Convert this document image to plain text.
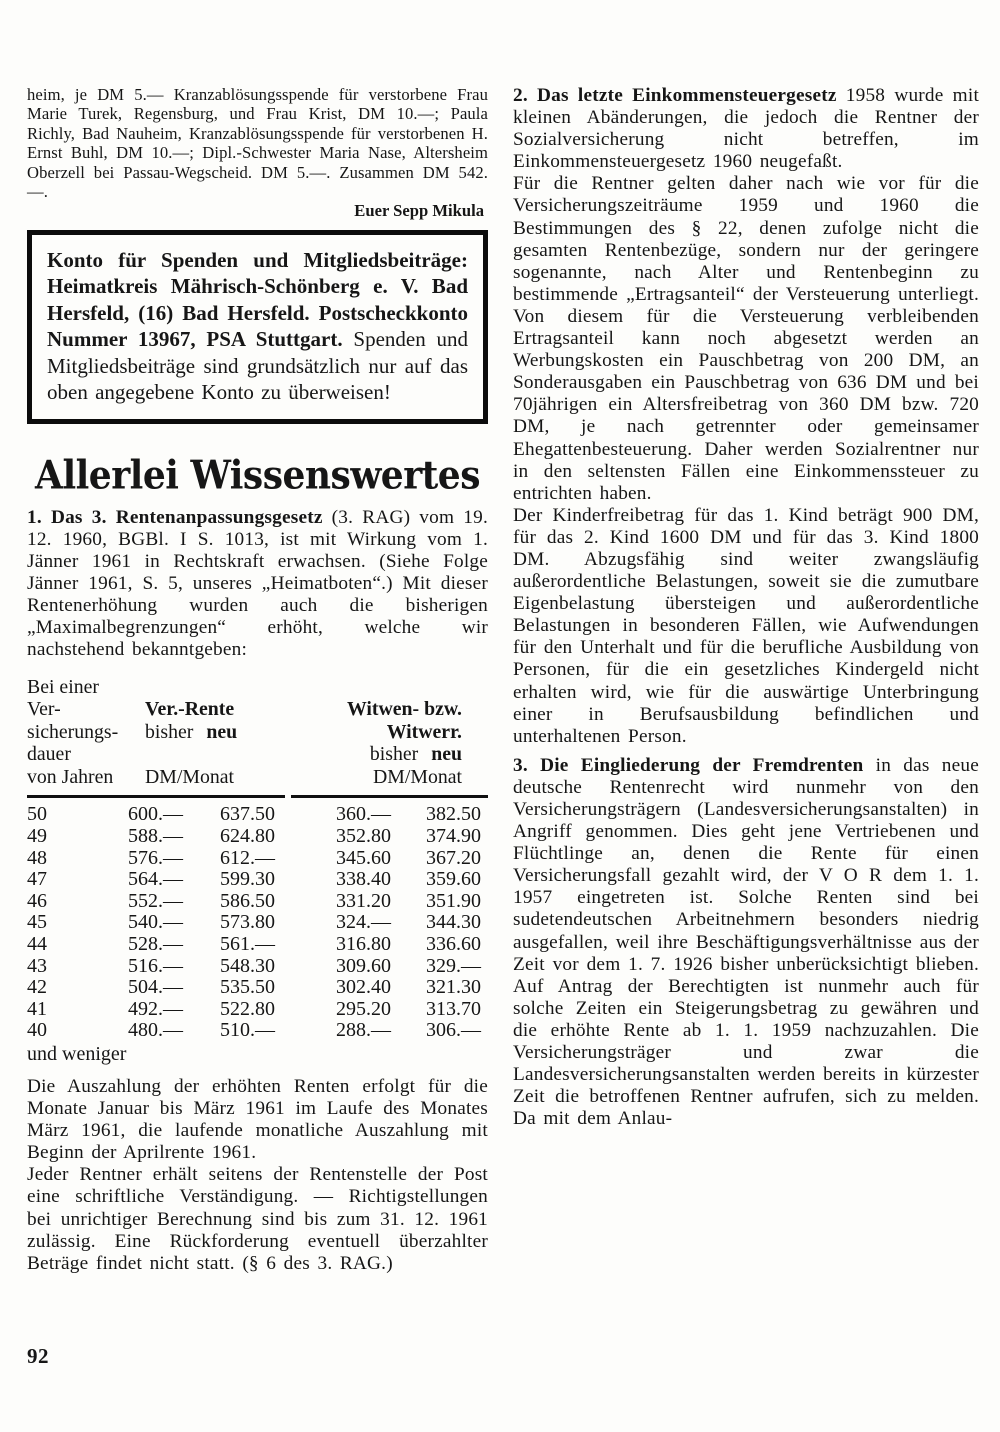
heim, je DM 5.— Kranzablösungsspende für verstorbene Frau Marie Turek, Regensburg, und Frau Krist, DM 10.—; Paula Richly, Bad Nauheim, Kranzablösungsspende für verstorbenen H. Ernst Buhl, DM 10.—; Dipl.-Schwester Maria Nase, Altersheim Oberzell bei Passau-Wegscheid. DM 5.—. Zusammen DM 542.—.

Euer Sepp Mikula

Konto für Spenden und Mitgliedsbeiträge: Heimatkreis Mährisch-Schönberg e. V. Bad Hersfeld, (16) Bad Hersfeld. Postscheckkonto Nummer 13967, PSA Stuttgart. Spenden und Mitgliedsbeiträge sind grundsätzlich nur auf das oben angegebene Konto zu überweisen!
Allerlei Wissenswertes

1. Das 3. Rentenanpassungsgesetz (3. RAG) vom 19. 12. 1960, BGBl. I S. 1013, ist mit Wirkung vom 1. Jänner 1961 in Rechtskraft erwachsen. (Siehe Folge Jänner 1961, S. 5, unseres „Heimatboten“.) Mit dieser Rentenerhöhung wurden auch die bisherigen „Maximalbegrenzungen“ erhöht, welche wir nachstehend bekanntgeben:

Bei einer
Ver-
sicherungs-
dauer
von Jahren
Ver.-Rente
bisher neu
DM/Monat
Witwen- bzw.
Witwerr.
bisher neu
DM/Monat
50	600.—	637.50	360.—	382.50	
49	588.—	624.80	352.80	374.90	
48	576.—	612.—	345.60	367.20	
47	564.—	599.30	338.40	359.60	
46	552.—	586.50	331.20	351.90	
45	540.—	573.80	324.—	344.30	
44	528.—	561.—	316.80	336.60	
43	516.—	548.30	309.60	329.—	
42	504.—	535.50	302.40	321.30	
41	492.—	522.80	295.20	313.70	
40	480.—	510.—	288.—	306.—	
und weniger

Die Auszahlung der erhöhten Renten erfolgt für die Monate Januar bis März 1961 im Laufe des Monates März 1961, die laufende monatliche Auszahlung mit Beginn der Aprilrente 1961.

Jeder Rentner erhält seitens der Rentenstelle der Post eine schriftliche Verständigung. — Richtigstellungen bei unrichtiger Berechnung sind bis zum 31. 12. 1961 zulässig. Eine Rückforderung eventuell überzahlter Beträge findet nicht statt. (§ 6 des 3. RAG.)

2. Das letzte Einkommensteuergesetz 1958 wurde mit kleinen Abänderungen, die jedoch die Rentner der Sozialversicherung nicht betreffen, im Einkommensteuergesetz 1960 neugefaßt.

Für die Rentner gelten daher nach wie vor für die Versicherungszeiträume 1959 und 1960 die Bestimmungen des § 22, denen zufolge nicht die gesamten Rentenbezüge, sondern nur der geringere sogenannte, nach Alter und Rentenbeginn zu bestimmende „Ertragsanteil“ der Versteuerung unterliegt. Von diesem für die Versteuerung verbleibenden Ertragsanteil kann noch abgesetzt werden an Werbungskosten ein Pauschbetrag von 200 DM, an Sonderausgaben ein Pauschbetrag von 636 DM und bei 70jährigen ein Altersfreibetrag von 360 DM bzw. 720 DM, je nach getrennter oder gemeinsamer Ehegattenbesteuerung. Daher werden Sozialrentner nur in den seltensten Fällen eine Einkommenssteuer zu entrichten haben.

Der Kinderfreibetrag für das 1. Kind beträgt 900 DM, für das 2. Kind 1600 DM und für das 3. Kind 1800 DM. Abzugsfähig sind weiter zwangsläufig außerordentliche Belastungen, soweit sie die zumutbare Eigenbelastung übersteigen und außerordentliche Belastungen in besonderen Fällen, wie Aufwendungen für den Unterhalt und für die berufliche Ausbildung von Personen, für die ein gesetzliches Kindergeld nicht erhalten wird, wie für die auswärtige Unterbringung einer in Berufsausbildung befindlichen und unterhaltenen Person.

3. Die Eingliederung der Fremdrenten in das neue deutsche Rentenrecht wird nunmehr von den Versicherungsträgern (Landesversicherungsanstalten) in Angriff genommen. Dies geht jene Vertriebenen und Flüchtlinge an, denen die Rente für einen Versicherungsfall gezahlt wird, der V O R dem 1. 1. 1957 eingetreten ist. Solche Renten sind bei sudetendeutschen Arbeitnehmern besonders niedrig ausgefallen, weil ihre Beschäftigungsverhältnisse aus der Zeit vor dem 1. 7. 1926 bisher unberücksichtigt blieben. Auf Antrag der Berechtigten ist nunmehr auch für solche Zeiten ein Steigerungsbetrag zu gewähren und die erhöhte Rente ab 1. 1. 1959 nachzuzahlen. Die Versicherungsträger und zwar die Landesversicherungsanstalten werden bereits in kürzester Zeit die betroffenen Rentner aufrufen, sich zu melden. Da mit dem Anlau-

92
